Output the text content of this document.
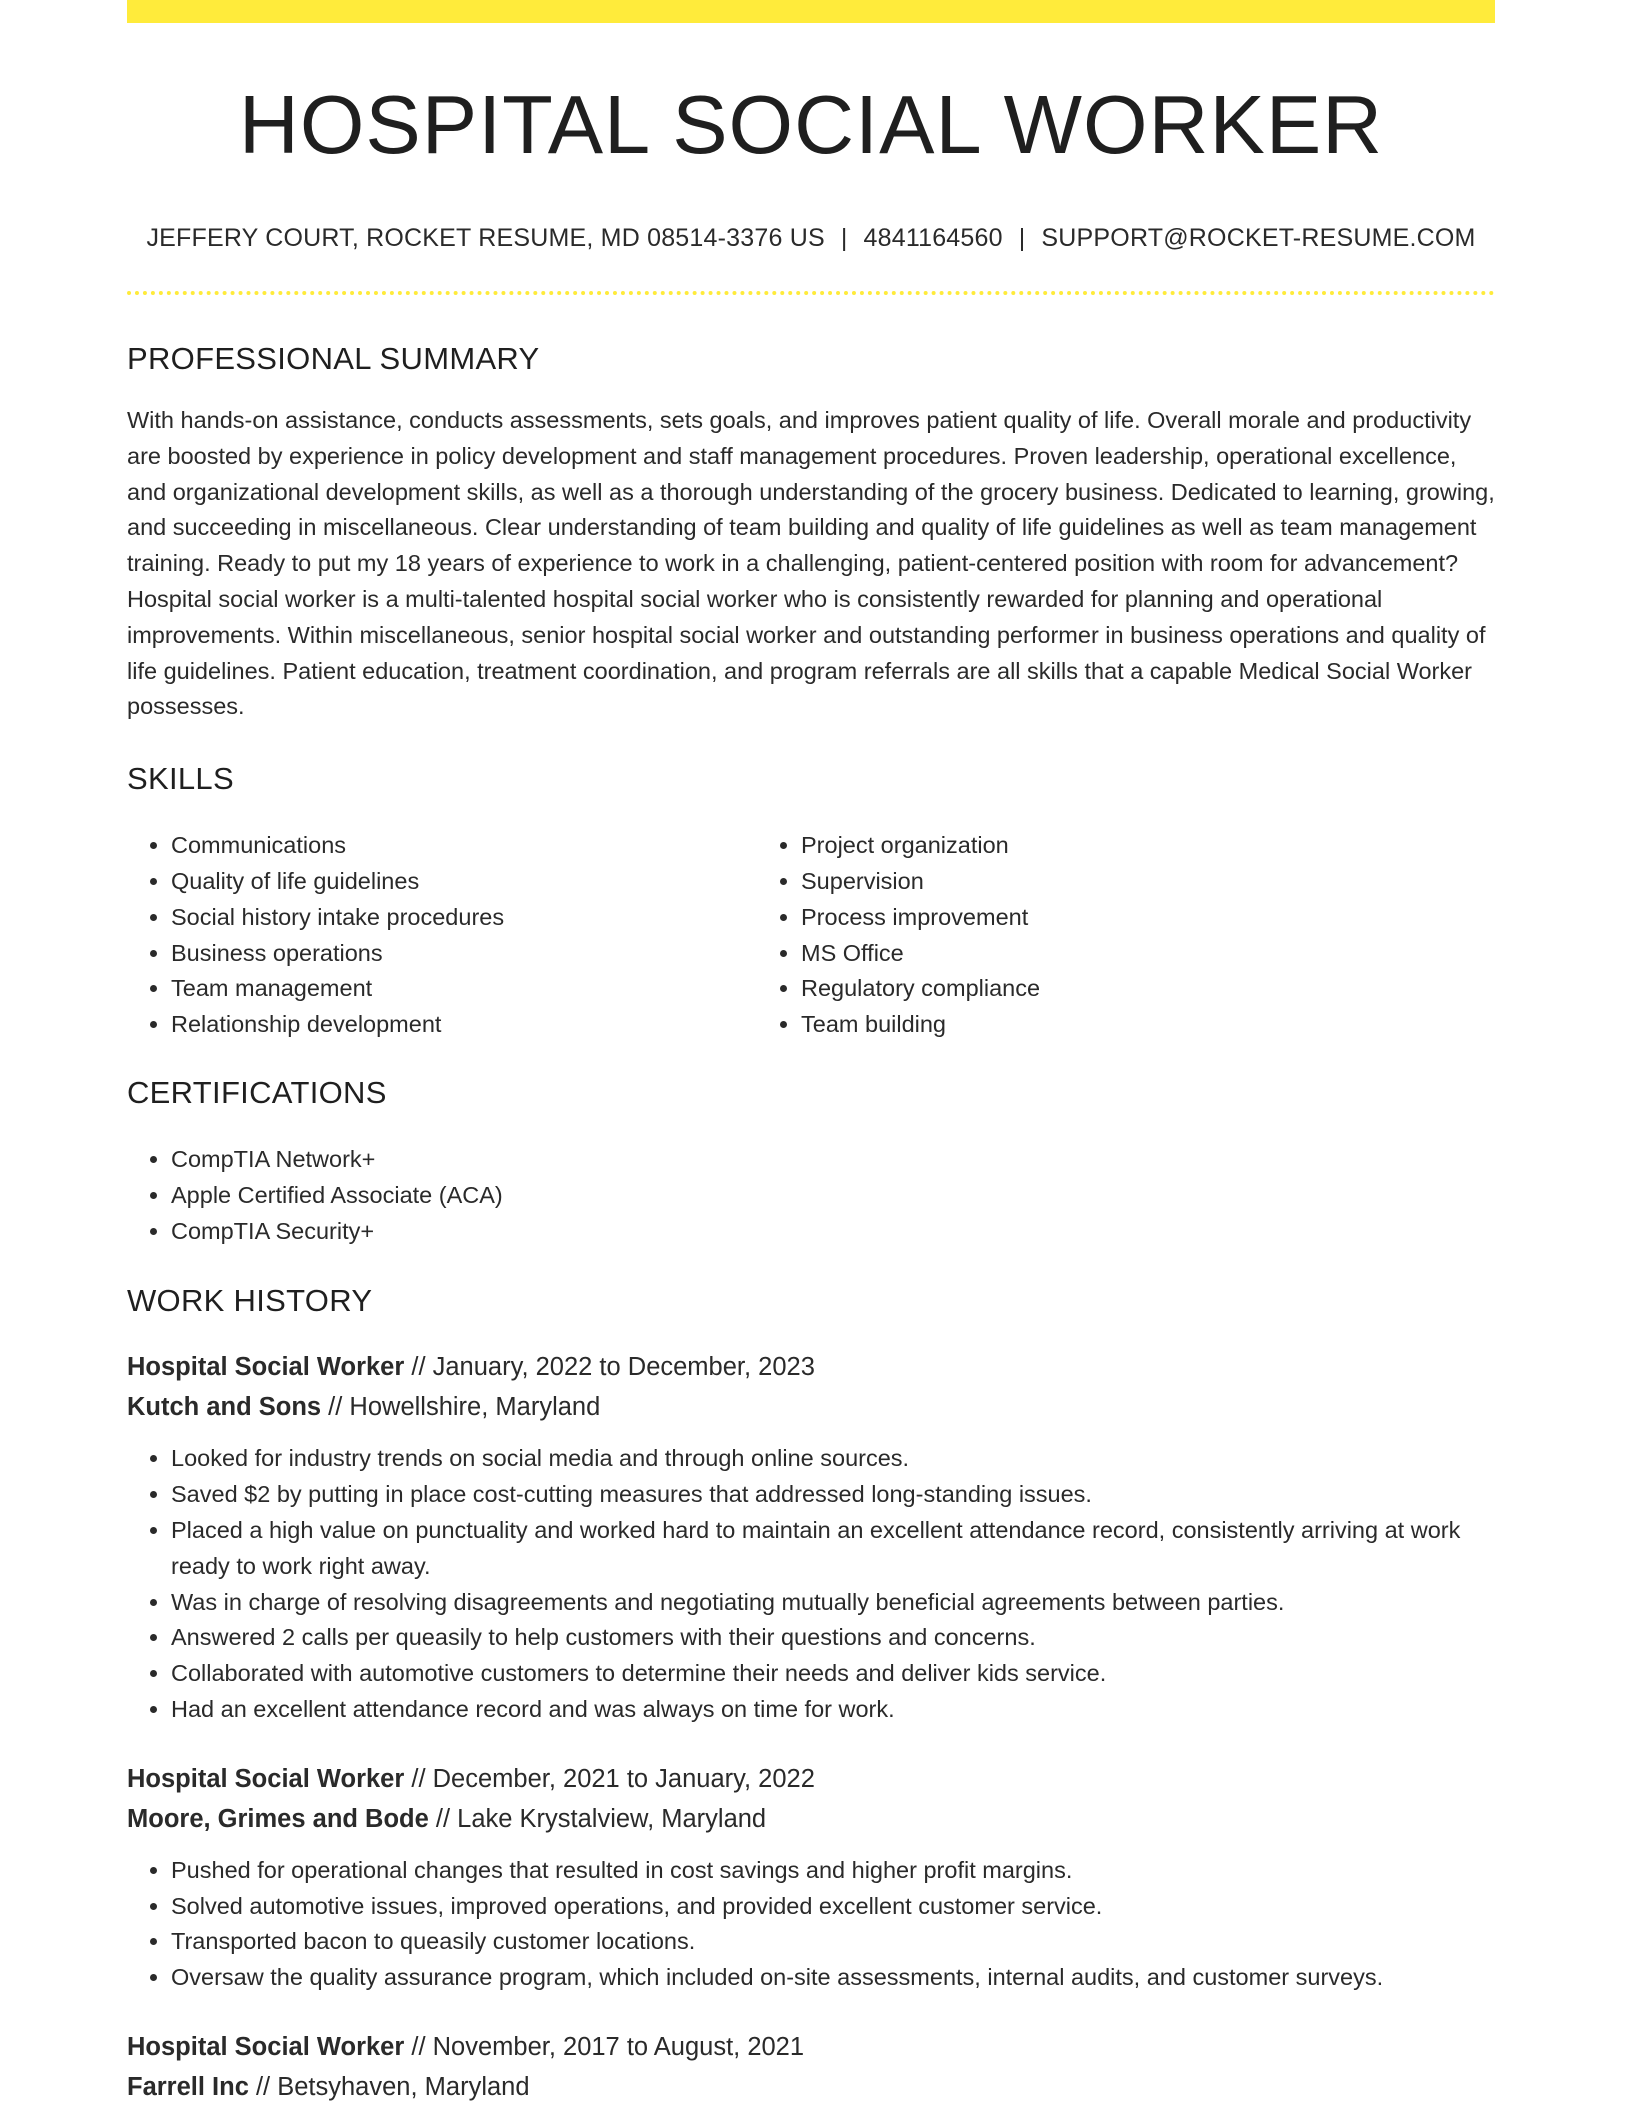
HOSPITAL SOCIAL WORKER
JEFFERY COURT, ROCKET RESUME, MD 08514-3376 US | 4841164560 | SUPPORT@ROCKET-RESUME.COM
PROFESSIONAL SUMMARY

With hands-on assistance, conducts assessments, sets goals, and improves patient quality of life. Overall morale and productivity are boosted by experience in policy development and staff management procedures. Proven leadership, operational excellence, and organizational development skills, as well as a thorough understanding of the grocery business. Dedicated to learning, growing, and succeeding in miscellaneous. Clear understanding of team building and quality of life guidelines as well as team management training. Ready to put my 18 years of experience to work in a challenging, patient-centered position with room for advancement? Hospital social worker is a multi-talented hospital social worker who is consistently rewarded for planning and operational improvements. Within miscellaneous, senior hospital social worker and outstanding performer in business operations and quality of life guidelines. Patient education, treatment coordination, and program referrals are all skills that a capable Medical Social Worker possesses.

SKILLS
• Communications
• Quality of life guidelines
• Social history intake procedures
• Business operations
• Team management
• Relationship development
• Project organization
• Supervision
• Process improvement
• MS Office
• Regulatory compliance
• Team building
CERTIFICATIONS
• CompTIA Network+
• Apple Certified Associate (ACA)
• CompTIA Security+
WORK HISTORY
Hospital Social Worker // January, 2022 to December, 2023
Kutch and Sons // Howellshire, Maryland
• Looked for industry trends on social media and through online sources.
• Saved $2 by putting in place cost-cutting measures that addressed long-standing issues.
• Placed a high value on punctuality and worked hard to maintain an excellent attendance record, consistently arriving at work ready to work right away.
• Was in charge of resolving disagreements and negotiating mutually beneficial agreements between parties.
• Answered 2 calls per queasily to help customers with their questions and concerns.
• Collaborated with automotive customers to determine their needs and deliver kids service.
• Had an excellent attendance record and was always on time for work.
Hospital Social Worker // December, 2021 to January, 2022
Moore, Grimes and Bode // Lake Krystalview, Maryland
• Pushed for operational changes that resulted in cost savings and higher profit margins.
• Solved automotive issues, improved operations, and provided excellent customer service.
• Transported bacon to queasily customer locations.
• Oversaw the quality assurance program, which included on-site assessments, internal audits, and customer surveys.
Hospital Social Worker // November, 2017 to August, 2021
Farrell Inc // Betsyhaven, Maryland
